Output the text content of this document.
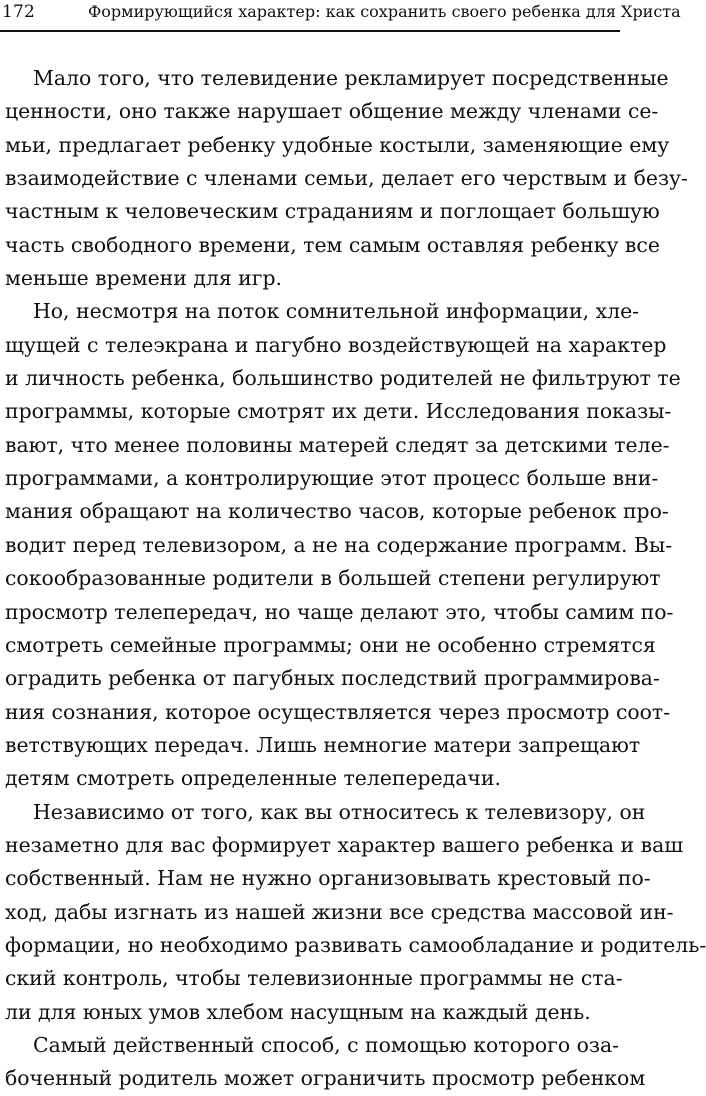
172	Формирующийся характер: как сохранить своего ребенка для Христа
Мало того, что телевидение рекламирует посредственные
ценности, оно также нарушает общение между членами се-
мьи, предлагает ребенку удобные костыли, заменяющие ему
взаимодействие с членами семьи, делает его черствым и безу-
частным к человеческим страданиям и поглощает большую
часть свободного времени, тем самым оставляя ребенку все
меньше времени для игр.
Но, несмотря на поток сомнительной информации, хле-
щущей с телеэкрана и пагубно воздействующей на характер
и личность ребенка, большинство родителей не фильтруют те
программы, которые смотрят их дети. Исследования показы-
вают, что менее половины матерей следят за детскими теле-
программами, а контролирующие этот процесс больше вни-
мания обращают на количество часов, которые ребенок про-
водит перед телевизором, а не на содержание программ. Вы-
сокообразованные родители в большей степени регулируют
просмотр телепередач, но чаще делают это, чтобы самим по-
смотреть семейные программы; они не особенно стремятся
оградить ребенка от пагубных последствий программирова-
ния сознания, которое осуществляется через просмотр соот-
ветствующих передач. Лишь немногие матери запрещают
детям смотреть определенные телепередачи.
Независимо от того, как вы относитесь к телевизору, он
незаметно для вас формирует характер вашего ребенка и ваш
собственный. Нам не нужно организовывать крестовый по-
ход, дабы изгнать из нашей жизни все средства массовой ин-
формации, но необходимо развивать самообладание и родитель-
ский контроль, чтобы телевизионные программы не ста-
ли для юных умов хлебом насущным на каждый день.
Самый действенный способ, с помощью которого оза-
боченный родитель может ограничить просмотр ребенком
